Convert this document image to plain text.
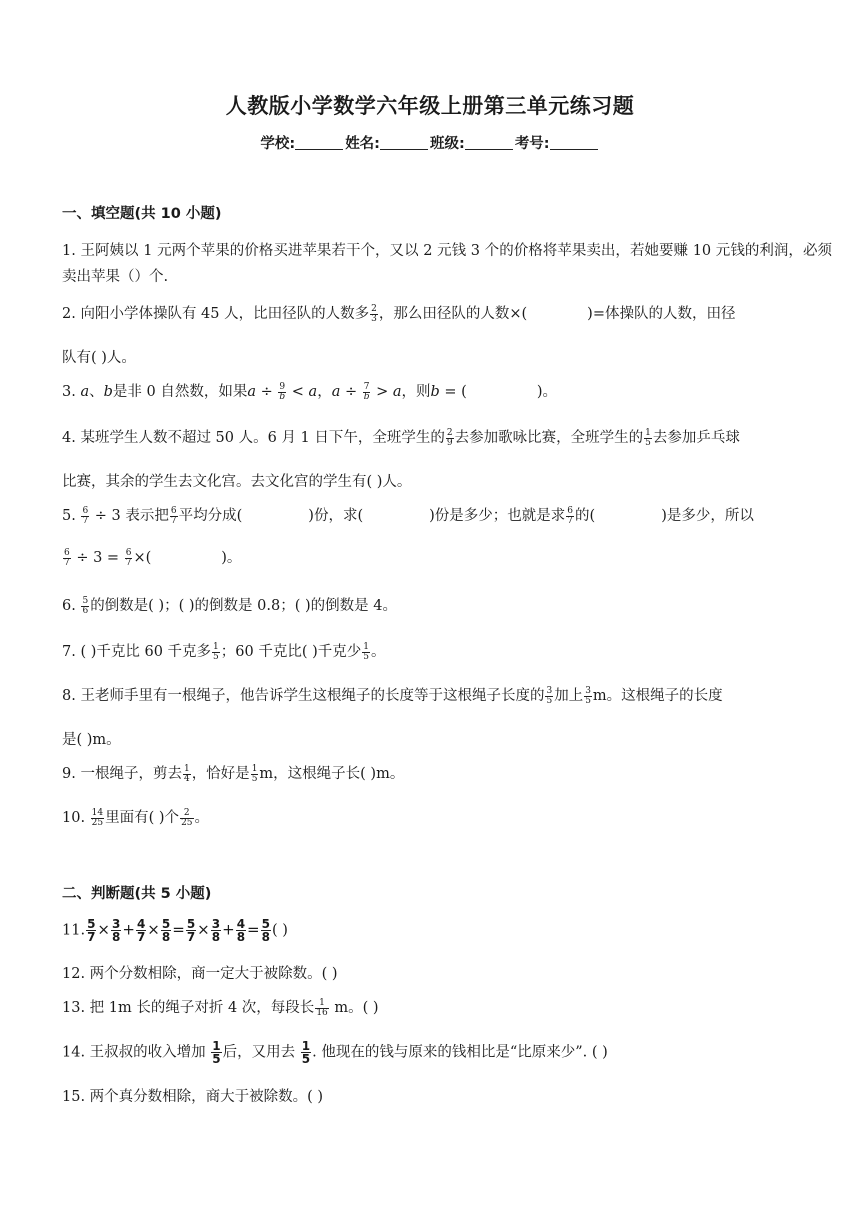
人教版小学数学六年级上册第三单元练习题
学校:	姓名:	班级:	考号:
一、填空题(共 10 小题)
1. 王阿姨以 1 元两个苹果的价格买进苹果若干个，又以 2 元钱 3 个的价格将苹果卖出，若她要赚 10 元钱的利润，必须卖出苹果（）个.
2. 向阳小学体操队有 45 人，比田径队的人数多 $\frac{2}{3}$ ，那么田径队的人数×(	)=体操队的人数，田径
队有( )人。
3. a、b是非 0 自然数，如果$a \div \frac{9}{b} < a$，$a \div \frac{7}{b} > a$，则b = (	)。
4. 某班学生人数不超过 50 人。6 月 1 日下午，全班学生的 $\frac{2}{9}$ 去参加歌咏比赛，全班学生的 $\frac{1}{5}$ 去参加乒乓球
比赛，其余的学生去文化宫。去文化宫的学生有( )人。
5. $\frac{6}{7} \div 3$ 表示把 $\frac{6}{7}$ 平均分成(	)份，求(	)份是多少；也就是求 $\frac{6}{7}$ 的(	)是多少，所以
$\frac{6}{7} \div 3 = \frac{6}{7}$ ×(	)。
6. $\frac{5}{6}$ 的倒数是( )；( )的倒数是 0.8；( )的倒数是 4。
7. ( )千克比 60 千克多 $\frac{1}{5}$ ；60 千克比( )千克少 $\frac{1}{5}$ 。
8. 王老师手里有一根绳子，他告诉学生这根绳子的长度等于这根绳子长度的 $\frac{3}{5}$ 加上 $\frac{3}{5}$ m。这根绳子的长度
是( )m。
9. 一根绳子，剪去 $\frac{1}{4}$ ，恰好是 $\frac{1}{5}$ m，这根绳子长( )m。
10. $\frac{14}{25}$ 里面有( )个 $\frac{2}{25}$ 。
二、判断题(共 5 小题)
11. $\frac{5}{7} \times \frac{3}{8} + \frac{4}{7} \times \frac{5}{8} = \frac{5}{7} \times \frac{3}{8} + \frac{4}{8} = \frac{5}{8}$ ( )
12. 两个分数相除，商一定大于被除数。( )
13. 把 1m 长的绳子对折 4 次，每段长 $\frac{1}{16}$ m。( )
14. 王叔叔的收入增加 $\frac{1}{5}$ 后，又用去 $\frac{1}{5}$ . 他现在的钱与原来的钱相比是“比原来少”. ( )
15. 两个真分数相除，商大于被除数。( )
